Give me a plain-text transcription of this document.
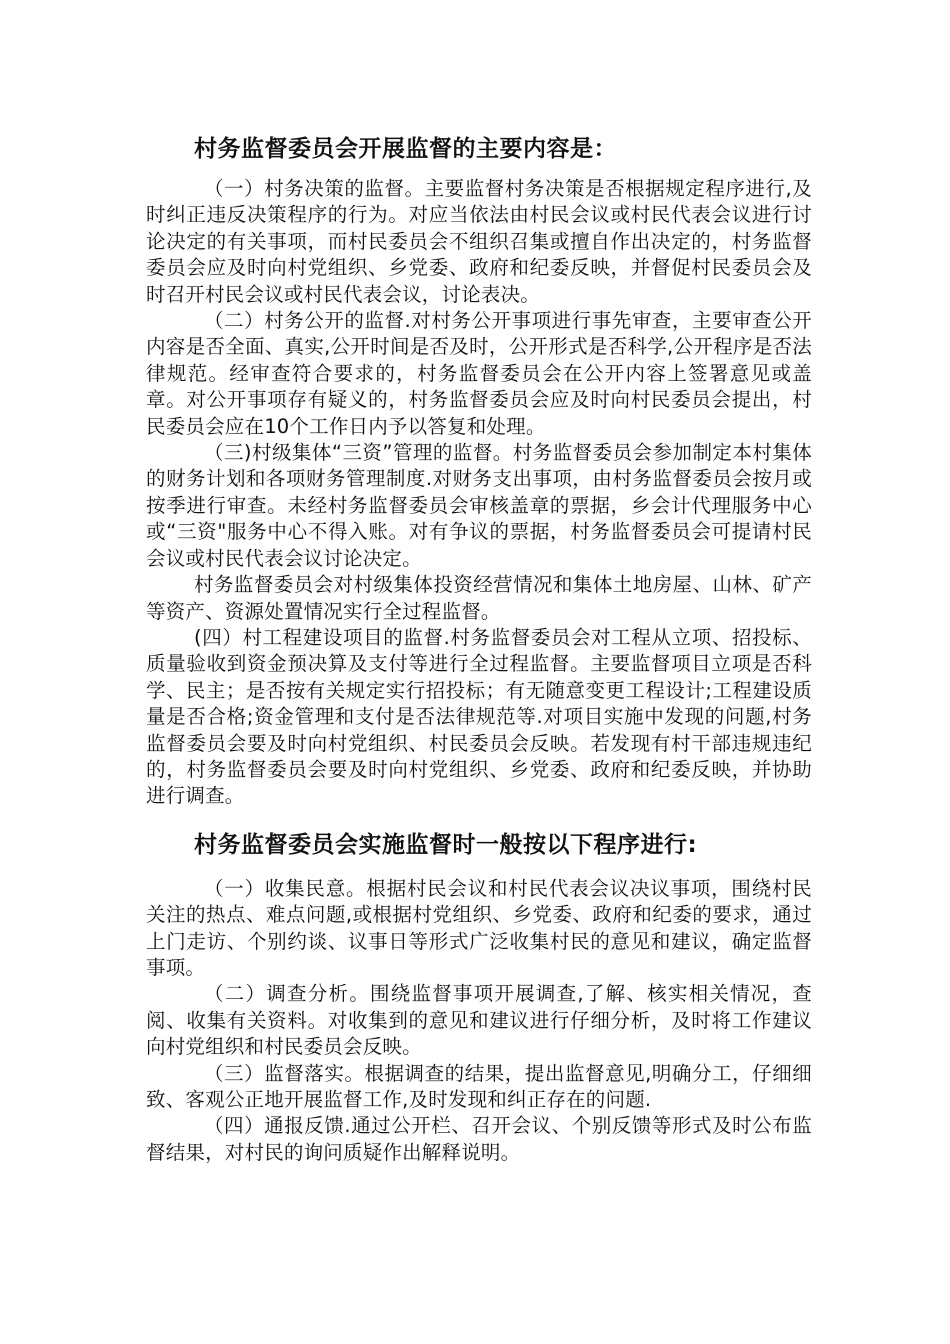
村务监督委员会开展监督的主要内容是：

（一）村务决策的监督。主要监督村务决策是否根据规定程序进行,及时纠正违反决策程序的行为。对应当依法由村民会议或村民代表会议进行讨论决定的有关事项，而村民委员会不组织召集或擅自作出决定的，村务监督委员会应及时向村党组织、乡党委、政府和纪委反映，并督促村民委员会及时召开村民会议或村民代表会议，讨论表决。

（二）村务公开的监督.对村务公开事项进行事先审查，主要审查公开内容是否全面、真实,公开时间是否及时，公开形式是否科学,公开程序是否法律规范。经审查符合要求的，村务监督委员会在公开内容上签署意见或盖章。对公开事项存有疑义的，村务监督委员会应及时向村民委员会提出，村民委员会应在10个工作日内予以答复和处理。

（三)村级集体“三资”管理的监督。村务监督委员会参加制定本村集体的财务计划和各项财务管理制度.对财务支出事项，由村务监督委员会按月或按季进行审查。未经村务监督委员会审核盖章的票据，乡会计代理服务中心或“三资"服务中心不得入账。对有争议的票据，村务监督委员会可提请村民会议或村民代表会议讨论决定。

村务监督委员会对村级集体投资经营情况和集体土地房屋、山林、矿产等资产、资源处置情况实行全过程监督。

(四）村工程建设项目的监督.村务监督委员会对工程从立项、招投标、质量验收到资金预决算及支付等进行全过程监督。主要监督项目立项是否科学、民主；是否按有关规定实行招投标；有无随意变更工程设计;工程建设质量是否合格;资金管理和支付是否法律规范等.对项目实施中发现的问题,村务监督委员会要及时向村党组织、村民委员会反映。若发现有村干部违规违纪的，村务监督委员会要及时向村党组织、乡党委、政府和纪委反映，并协助进行调查。

村务监督委员会实施监督时一般按以下程序进行:

（一）收集民意。根据村民会议和村民代表会议决议事项，围绕村民关注的热点、难点问题,或根据村党组织、乡党委、政府和纪委的要求，通过上门走访、个别约谈、议事日等形式广泛收集村民的意见和建议，确定监督事项。

（二）调查分析。围绕监督事项开展调查,了解、核实相关情况，查阅、收集有关资料。对收集到的意见和建议进行仔细分析，及时将工作建议向村党组织和村民委员会反映。

（三）监督落实。根据调查的结果，提出监督意见,明确分工，仔细细致、客观公正地开展监督工作,及时发现和纠正存在的问题.

（四）通报反馈.通过公开栏、召开会议、个别反馈等形式及时公布监督结果，对村民的询问质疑作出解释说明。
